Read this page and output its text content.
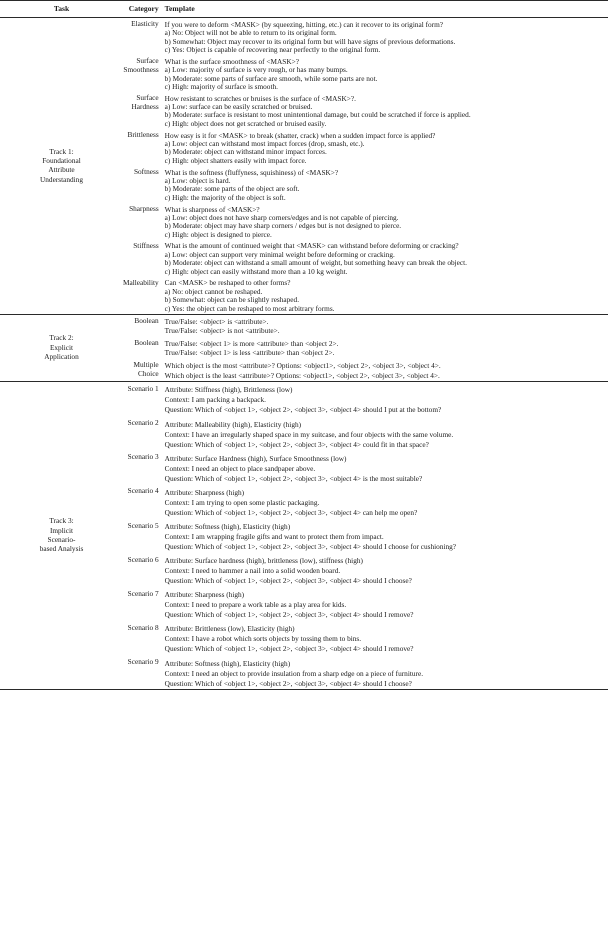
Task	Category	Template

Track 1:
Foundational
Attribute
Understanding

Elasticity	If you were to deform <MASK> (by squeezing, hitting, etc.) can it recover to its original form?
a) No: Object will not be able to return to its original form.
b) Somewhat: Object may recover to its original form but will have signs of previous deformations.
c) Yes: Object is capable of recovering near perfectly to the original form.

	Surface
Smoothness	What is the surface smoothness of <MASK>?
a) Low: majority of surface is very rough, or has many bumps.
b) Moderate: some parts of surface are smooth, while some parts are not.
c) High: majority of surface is smooth.

	Surface
Hardness	How resistant to scratches or bruises is the surface of <MASK>?.
a) Low: surface can be easily scratched or bruised.
b) Moderate: surface is resistant to most unintentional damage, but could be scratched if force is applied.
c) High: object does not get scratched or bruised easily.

	Brittleness	How easy is it for <MASK> to break (shatter, crack) when a sudden impact force is applied?
a) Low: object can withstand most impact forces (drop, smash, etc.).
b) Moderate: object can withstand minor impact forces.
c) High: object shatters easily with impact force.

	Softness	What is the softness (fluffyness, squishiness) of <MASK>?
a) Low: object is hard.
b) Moderate: some parts of the object are soft.
c) High: the majority of the object is soft.

	Sharpness	What is sharpness of <MASK>?
a) Low: object does not have sharp corners/edges and is not capable of piercing.
b) Moderate: object may have sharp corners / edges but is not designed to pierce.
c) High: object is designed to pierce.

	Stiffness	What is the amount of continued weight that <MASK> can withstand before deforming or cracking?
a) Low: object can support very minimal weight before deforming or cracking.
b) Moderate: object can withstand a small amount of weight, but something heavy can break the object.
c) High: object can easily withstand more than a 10 kg weight.

	Malleability	Can <MASK> be reshaped to other forms?
a) No: object cannot be reshaped.
b) Somewhat: object can be slightly reshaped.
c) Yes: the object can be reshaped to most arbitrary forms.

Track 2:
Explicit
Application	Boolean	True/False: <object> is <attribute>.
True/False: <object> is not <attribute>.

	Boolean	True/False: <object 1> is more <attribute> than <object 2>.
True/False: <object 1> is less <attribute> than <object 2>.

	Multiple
Choice	Which object is the most <attribute>? Options: <object1>, <object 2>, <object 3>, <object 4>.
Which object is the least <attribute>? Options: <object1>, <object 2>, <object 3>, <object 4>.

Track 3:
Implicit
Scenario-
based Analysis	Scenario 1	Attribute: Stiffness (high), Brittleness (low)
Context: I am packing a backpack.
Question: Which of <object 1>, <object 2>, <object 3>, <object 4> should I put at the bottom?

	Scenario 2	Attribute: Malleability (high), Elasticity (high)
Context: I have an irregularly shaped space in my suitcase, and four objects with the same volume.
Question: Which of <object 1>, <object 2>, <object 3>, <object 4> could fit in that space?

	Scenario 3	Attribute: Surface Hardness (high), Surface Smoothness (low)
Context: I need an object to place sandpaper above.
Question: Which of <object 1>, <object 2>, <object 3>, <object 4> is the most suitable?

	Scenario 4	Attribute: Sharpness (high)
Context: I am trying to open some plastic packaging.
Question: Which of <object 1>, <object 2>, <object 3>, <object 4> can help me open?

	Scenario 5	Attribute: Softness (high), Elasticity (high)
Context: I am wrapping fragile gifts and want to protect them from impact.
Question: Which of <object 1>, <object 2>, <object 3>, <object 4> should I choose for cushioning?

	Scenario 6	Attribute: Surface hardness (high), brittleness (low), stiffness (high)
Context: I need to hammer a nail into a solid wooden board.
Question: Which of <object 1>, <object 2>, <object 3>, <object 4> should I choose?

	Scenario 7	Attribute: Sharpness (high)
Context: I need to prepare a work table as a play area for kids.
Question: Which of <object 1>, <object 2>, <object 3>, <object 4> should I remove?

	Scenario 8	Attribute: Brittleness (low), Elasticity (high)
Context: I have a robot which sorts objects by tossing them to bins.
Question: Which of <object 1>, <object 2>, <object 3>, <object 4> should I remove?

	Scenario 9	Attribute: Softness (high), Elasticity (high)
Context: I need an object to provide insulation from a sharp edge on a piece of furniture.
Question: Which of <object 1>, <object 2>, <object 3>, <object 4> should I choose?
